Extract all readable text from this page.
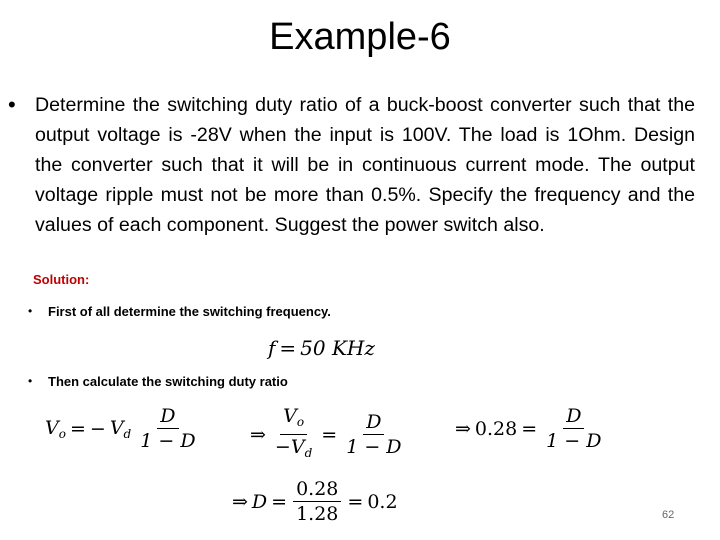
Example-6
• Determine the switching duty ratio of a buck-boost converter such that the output voltage is -28V when the input is 100V. The load is 1Ohm. Design the converter such that it will be in continuous current mode. The output voltage ripple must not be more than 0.5%. Specify the frequency and the values of each component. Suggest the power switch also.
Solution:
• First of all determine the switching frequency.
f = 50 KHz
• Then calculate the switching duty ratio
$V_o$ = − $V_d \frac{D}{1 - D}$	⇒ $\frac{V_o}{-V_d} = \frac{D}{1 - D}$	⇒ $0.28 = \frac{D}{1 - D}$
⇒ $D = \frac{0.28}{1.28} = 0.2$
62
